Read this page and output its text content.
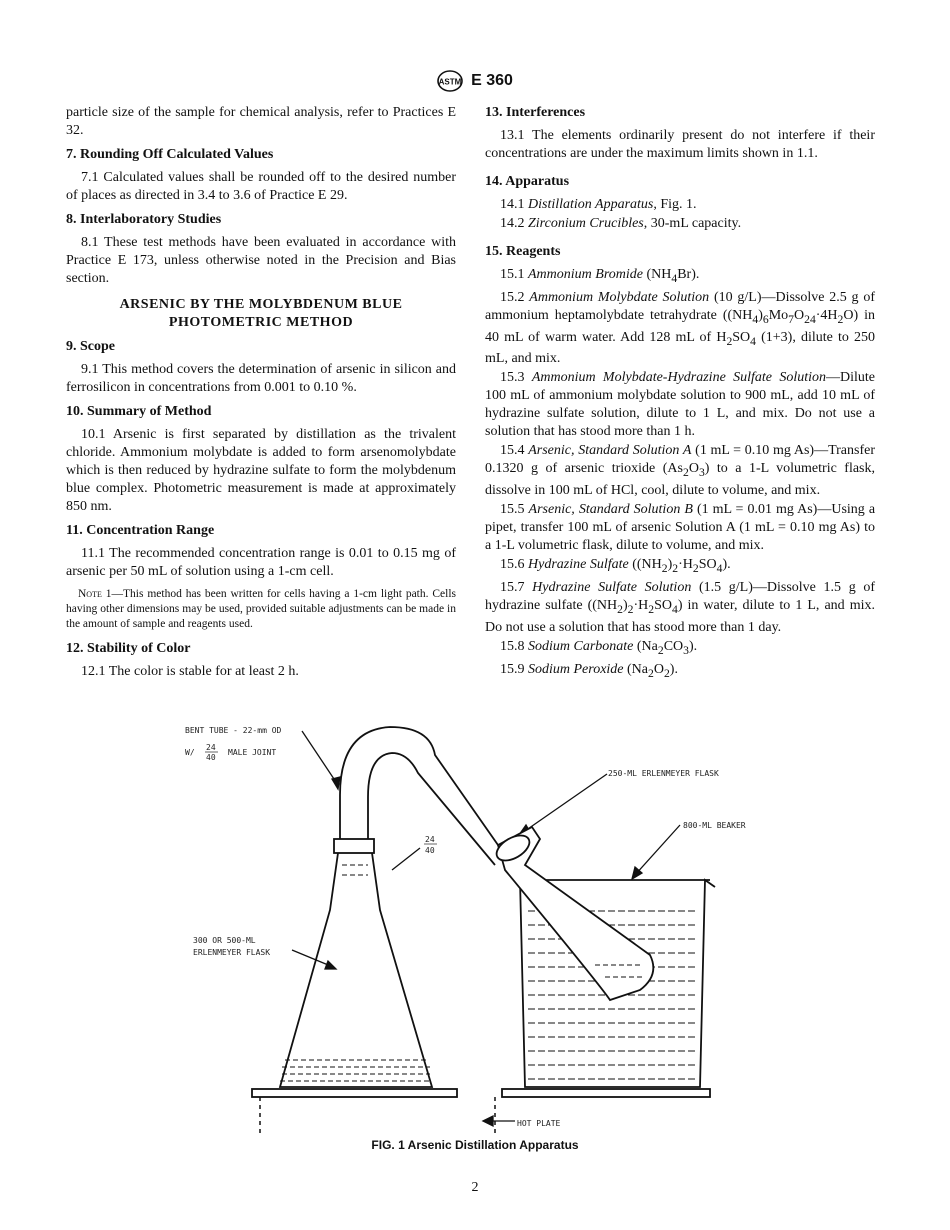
ASTM E 360

particle size of the sample for chemical analysis, refer to Practices E 32.

7. Rounding Off Calculated Values

7.1 Calculated values shall be rounded off to the desired number of places as directed in 3.4 to 3.6 of Practice E 29.

8. Interlaboratory Studies

8.1 These test methods have been evaluated in accordance with Practice E 173, unless otherwise noted in the Precision and Bias section.

ARSENIC BY THE MOLYBDENUM BLUE
PHOTOMETRIC METHOD

9. Scope

9.1 This method covers the determination of arsenic in silicon and ferrosilicon in concentrations from 0.001 to 0.10 %.

10. Summary of Method

10.1 Arsenic is first separated by distillation as the trivalent chloride. Ammonium molybdate is added to form arsenomolybdate which is then reduced by hydrazine sulfate to form the molybdenum blue complex. Photometric measurement is made at approximately 850 nm.

11. Concentration Range

11.1 The recommended concentration range is 0.01 to 0.15 mg of arsenic per 50 mL of solution using a 1-cm cell.

Note 1—This method has been written for cells having a 1-cm light path. Cells having other dimensions may be used, provided suitable adjustments can be made in the amount of sample and reagents used.

12. Stability of Color

12.1 The color is stable for at least 2 h.

13. Interferences

13.1 The elements ordinarily present do not interfere if their concentrations are under the maximum limits shown in 1.1.

14. Apparatus

14.1 Distillation Apparatus, Fig. 1.

14.2 Zirconium Crucibles, 30-mL capacity.

15. Reagents

15.1 Ammonium Bromide $(NH_4Br)$.

15.2 Ammonium Molybdate Solution (10 g/L)—Dissolve 2.5 g of ammonium heptamolybdate tetrahydrate $((NH_4)_6Mo_7O_{24}\cdot 4H_2O)$ in 40 mL of warm water. Add 128 mL of $H_2SO_4$ (1+3), dilute to 250 mL, and mix.

15.3 Ammonium Molybdate-Hydrazine Sulfate Solution—Dilute 100 mL of ammonium molybdate solution to 900 mL, add 10 mL of hydrazine sulfate solution, dilute to 1 L, and mix. Do not use a solution that has stood more than 1 h.

15.4 Arsenic, Standard Solution A (1 mL = 0.10 mg As)—Transfer 0.1320 g of arsenic trioxide $(As_2O_3)$ to a 1-L volumetric flask, dissolve in 100 mL of HCl, cool, dilute to volume, and mix.

15.5 Arsenic, Standard Solution B (1 mL = 0.01 mg As)—Using a pipet, transfer 100 mL of arsenic Solution A (1 mL = 0.10 mg As) to a 1-L volumetric flask, dilute to volume, and mix.

15.6 Hydrazine Sulfate $((NH_2)_2\cdot H_2SO_4)$.

15.7 Hydrazine Sulfate Solution (1.5 g/L)—Dissolve 1.5 g of hydrazine sulfate $((NH_2)_2\cdot H_2SO_4)$ in water, dilute to 1 L, and mix. Do not use a solution that has stood more than 1 day.

15.8 Sodium Carbonate $(Na_2CO_3)$.

15.9 Sodium Peroxide $(Na_2O_2)$.

BENT TUBE - 22-mm OD
W/
24
40
MALE JOINT
24
40
300 OR 500-ML
ERLENMEYER FLASK
250-ML ERLENMEYER FLASK
800-ML BEAKER
HOT PLATE
FIG. 1 Arsenic Distillation Apparatus
2
